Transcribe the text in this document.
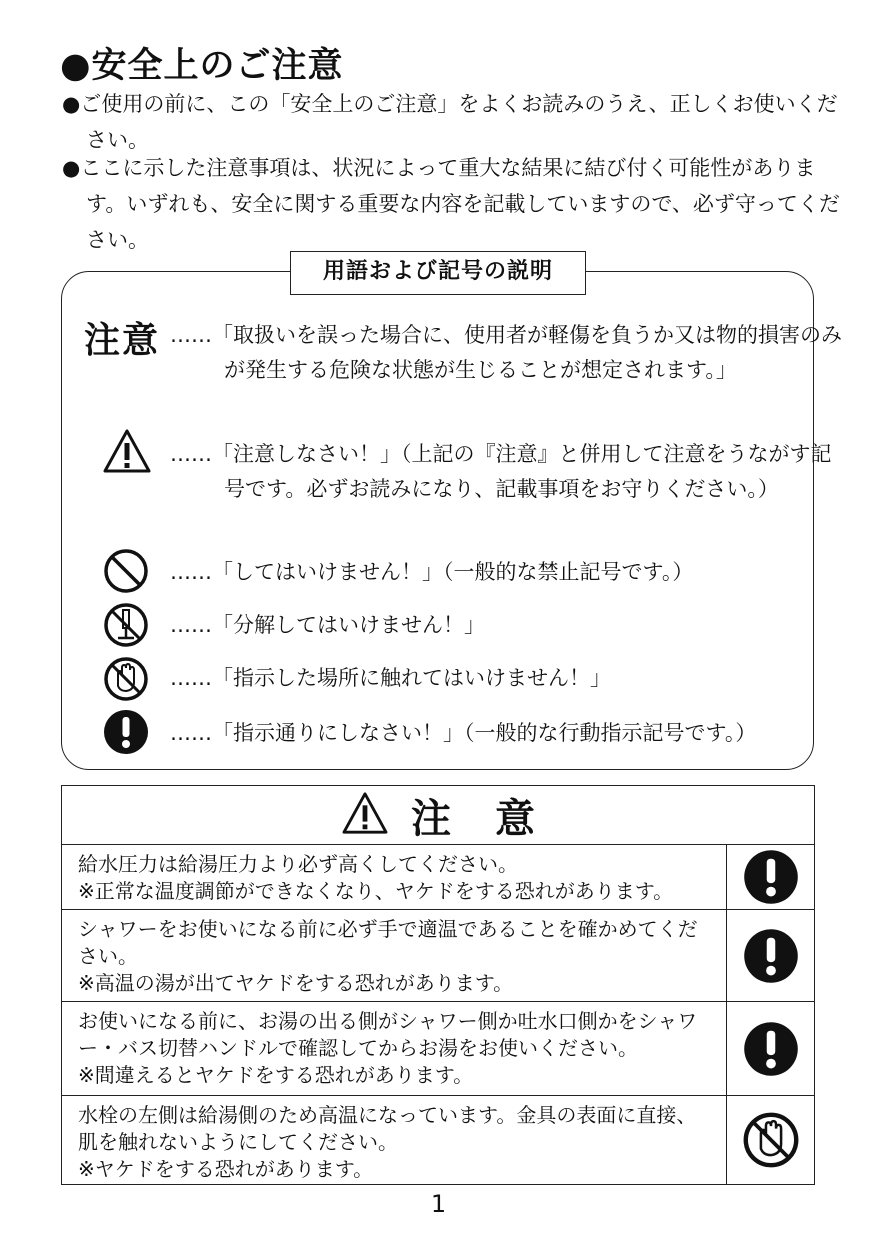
●安全上のご注意
●ご使用の前に、この「安全上のご注意」をよくお読みのうえ、正しくお使いください。
●ここに示した注意事項は、状況によって重大な結果に結び付く可能性があります。いずれも、安全に関する重要な内容を記載していますので、必ず守ってください。
用語および記号の説明
注意 ……「取扱いを誤った場合に、使用者が軽傷を負うか又は物的損害のみが発生する危険な状態が生じることが想定されます。」
……「注意しなさい！」（上記の『注意』と併用して注意をうながす記号です。必ずお読みになり、記載事項をお守りください。）
……「してはいけません！」（一般的な禁止記号です。）
……「分解してはいけません！」
……「指示した場所に触れてはいけません！」
……「指示通りにしなさい！」（一般的な行動指示記号です。）
注意
給水圧力は給湯圧力より必ず高くしてください。
※正常な温度調節ができなくなり、ヤケドをする恐れがあります。
シャワーをお使いになる前に必ず手で適温であることを確かめてください。
※高温の湯が出てヤケドをする恐れがあります。
お使いになる前に、お湯の出る側がシャワー側か吐水口側かをシャワー・バス切替ハンドルで確認してからお湯をお使いください。
※間違えるとヤケドをする恐れがあります。
水栓の左側は給湯側のため高温になっています。金具の表面に直接、肌を触れないようにしてください。
※ヤケドをする恐れがあります。
1
